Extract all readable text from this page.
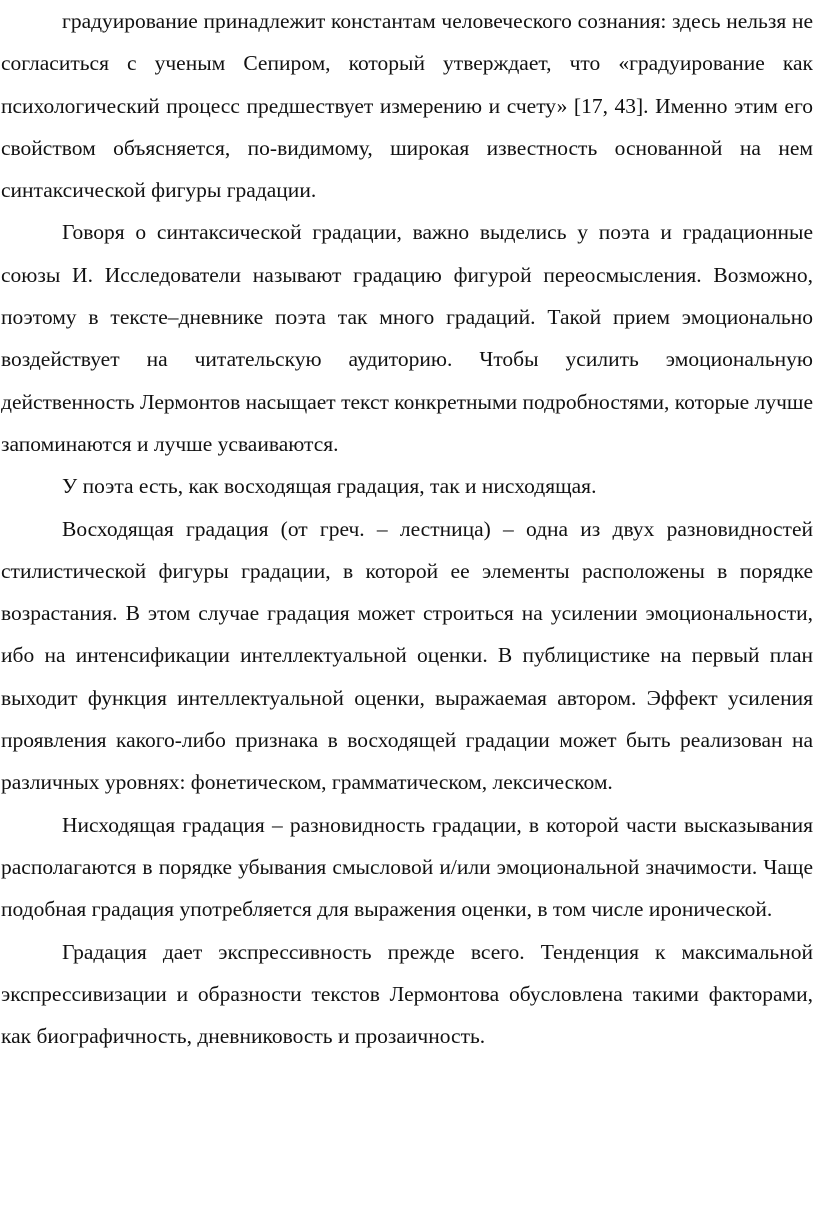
градуирование принадлежит константам человеческого сознания: здесь нельзя не согласиться с ученым Сепиром, который утверждает, что «градуирование как психологический процесс предшествует измерению и счету» [17, 43]. Именно этим его свойством объясняется, по-видимому, широкая известность основанной на нем синтаксической фигуры градации.

Говоря о синтаксической градации, важно выделись у поэта и градационные союзы И. Исследователи называют градацию фигурой переосмысления. Возможно, поэтому в тексте–дневнике поэта так много градаций. Такой прием эмоционально воздействует на читательскую аудиторию. Чтобы усилить эмоциональную действенность Лермонтов насыщает текст конкретными подробностями, которые лучше запоминаются и лучше усваиваются.

У поэта есть, как восходящая градация, так и нисходящая.

Восходящая градация (от греч. – лестница) – одна из двух разновидностей стилистической фигуры градации, в которой ее элементы расположены в порядке возрастания. В этом случае градация может строиться на усилении эмоциональности, ибо на интенсификации интеллектуальной оценки. В публицистике на первый план выходит функция интеллектуальной оценки, выражаемая автором. Эффект усиления проявления какого-либо признака в восходящей градации может быть реализован на различных уровнях: фонетическом, грамматическом, лексическом.

Нисходящая градация – разновидность градации, в которой части высказывания располагаются в порядке убывания смысловой и/или эмоциональной значимости. Чаще подобная градация употребляется для выражения оценки, в том числе иронической.

Градация дает экспрессивность прежде всего. Тенденция к максимальной экспрессивизации и образности текстов Лермонтова обусловлена такими факторами, как биографичность, дневниковость и прозаичность.
